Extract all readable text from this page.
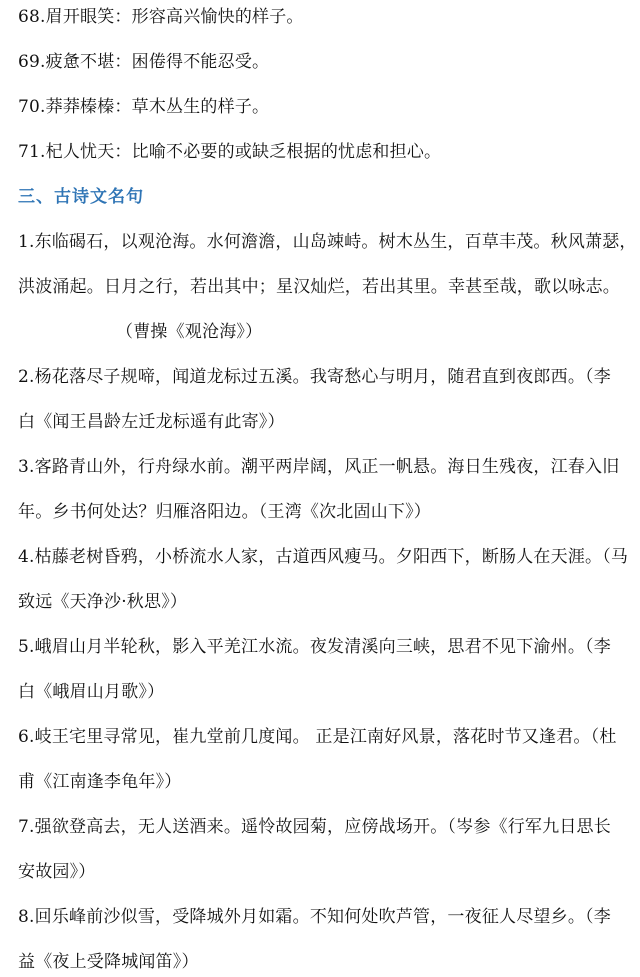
68.眉开眼笑：形容高兴愉快的样子。
69.疲惫不堪：困倦得不能忍受。
70.莽莽榛榛：草木丛生的样子。
71.杞人忧天：比喻不必要的或缺乏根据的忧虑和担心。
三、古诗文名句
1.东临碣石，以观沧海。水何澹澹，山岛竦峙。树木丛生，百草丰茂。秋风萧瑟，
洪波涌起。日月之行，若出其中；星汉灿烂，若出其里。幸甚至哉，歌以咏志。
（曹操《观沧海》）
2.杨花落尽子规啼，闻道龙标过五溪。我寄愁心与明月，随君直到夜郎西。（李
白《闻王昌龄左迁龙标遥有此寄》）
3.客路青山外，行舟绿水前。潮平两岸阔，风正一帆悬。海日生残夜，江春入旧
年。乡书何处达？归雁洛阳边。（王湾《次北固山下》）
4.枯藤老树昏鸦，小桥流水人家，古道西风瘦马。夕阳西下，断肠人在天涯。（马
致远《天净沙·秋思》）
5.峨眉山月半轮秋，影入平羌江水流。夜发清溪向三峡，思君不见下渝州。（李
白《峨眉山月歌》）
6.岐王宅里寻常见，崔九堂前几度闻。 正是江南好风景，落花时节又逢君。（杜
甫《江南逢李龟年》）
7.强欲登高去，无人送酒来。遥怜故园菊，应傍战场开。（岑参《行军九日思长
安故园》）
8.回乐峰前沙似雪，受降城外月如霜。不知何处吹芦管，一夜征人尽望乡。（李
益《夜上受降城闻笛》）
